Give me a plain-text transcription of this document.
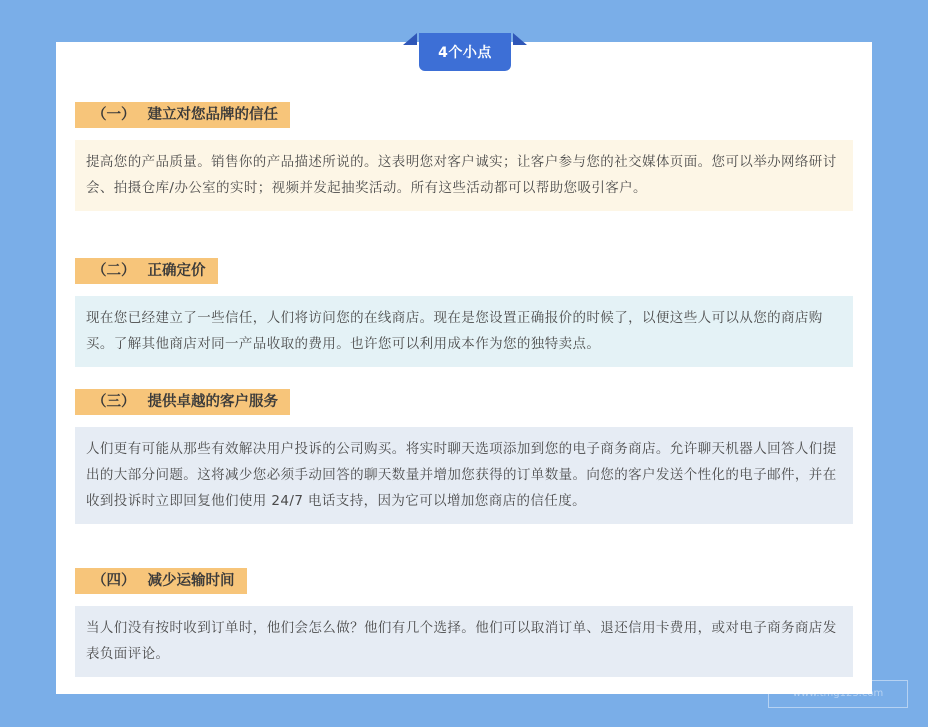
4个小点
（一） 建立对您品牌的信任
提高您的产品质量。销售你的产品描述所说的。这表明您对客户诚实；让客户参与您的社交媒体页面。您可以举办网络研讨会、拍摄仓库/办公室的实时；视频并发起抽奖活动。所有这些活动都可以帮助您吸引客户。
（二） 正确定价
现在您已经建立了一些信任，人们将访问您的在线商店。现在是您设置正确报价的时候了，以便这些人可以从您的商店购买。了解其他商店对同一产品收取的费用。也许您可以利用成本作为您的独特卖点。
（三） 提供卓越的客户服务
人们更有可能从那些有效解决用户投诉的公司购买。将实时聊天选项添加到您的电子商务商店。允许聊天机器人回答人们提出的大部分问题。这将减少您必须手动回答的聊天数量并增加您获得的订单数量。向您的客户发送个性化的电子邮件，并在收到投诉时立即回复他们使用 24/7 电话支持，因为它可以增加您商店的信任度。
（四） 减少运输时间
当人们没有按时收到订单时，他们会怎么做？他们有几个选择。他们可以取消订单、退还信用卡费用，或对电子商务商店发表负面评论。
www.tmg123.com
